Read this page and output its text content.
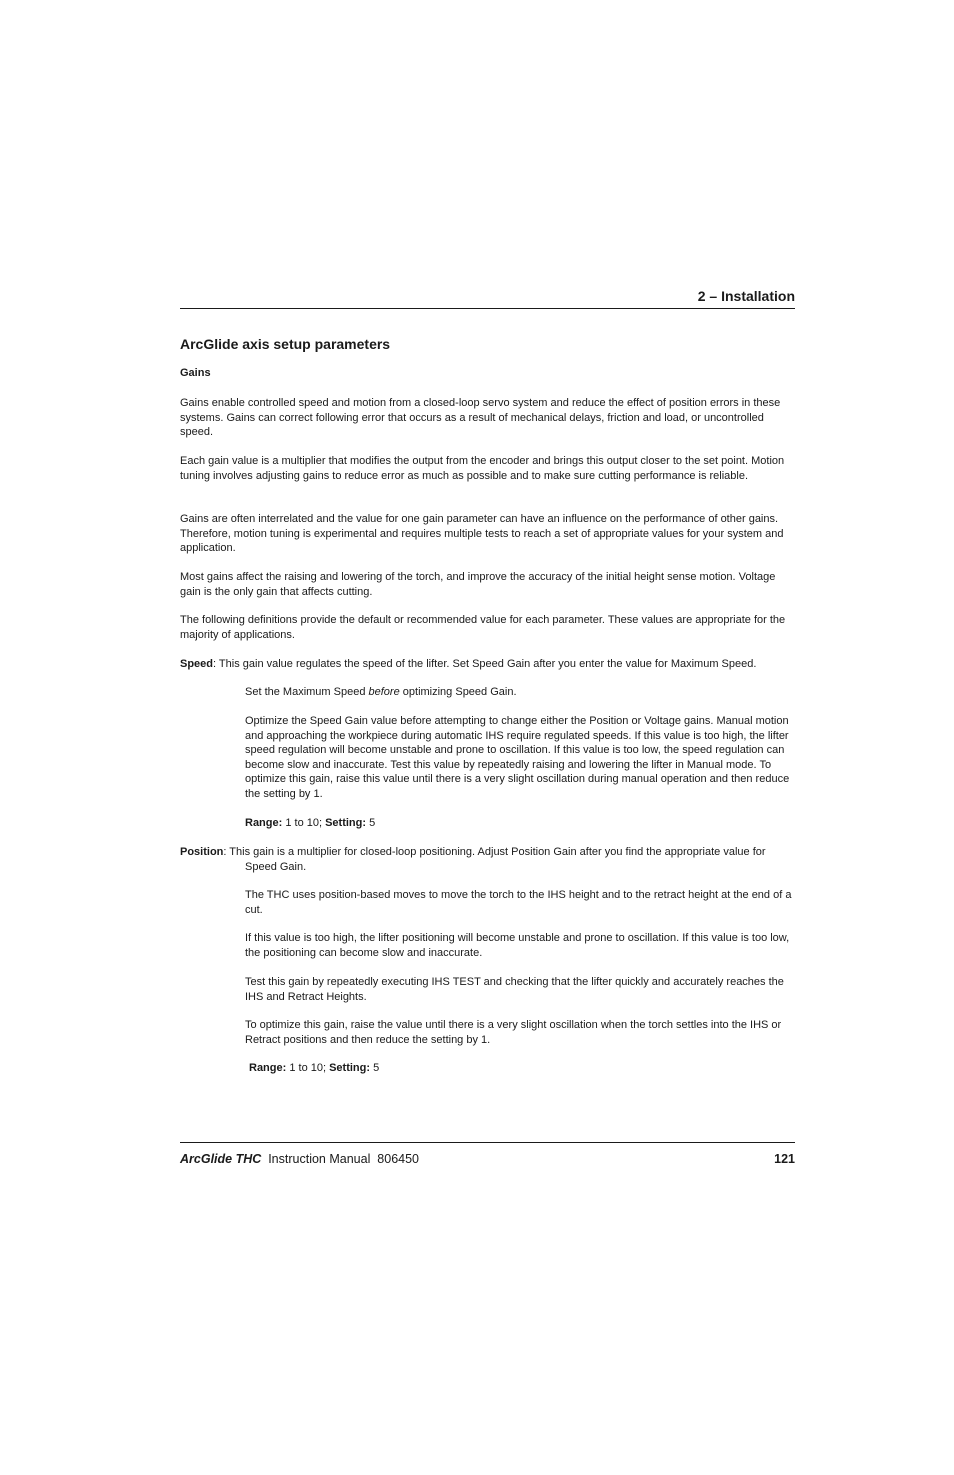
2 – Installation
ArcGlide axis setup parameters
Gains

Gains enable controlled speed and motion from a closed-loop servo system and reduce the effect of position errors in these systems. Gains can correct following error that occurs as a result of mechanical delays, friction and load, or uncontrolled speed.

Each gain value is a multiplier that modifies the output from the encoder and brings this output closer to the set point. Motion tuning involves adjusting gains to reduce error as much as possible and to make sure cutting performance is reliable.

Gains are often interrelated and the value for one gain parameter can have an influence on the performance of other gains. Therefore, motion tuning is experimental and requires multiple tests to reach a set of appropriate values for your system and application.

Most gains affect the raising and lowering of the torch, and improve the accuracy of the initial height sense motion. Voltage gain is the only gain that affects cutting.

The following definitions provide the default or recommended value for each parameter. These values are appropriate for the majority of applications.

Speed: This gain value regulates the speed of the lifter. Set Speed Gain after you enter the value for Maximum Speed.

Set the Maximum Speed before optimizing Speed Gain.

Optimize the Speed Gain value before attempting to change either the Position or Voltage gains. Manual motion and approaching the workpiece during automatic IHS require regulated speeds. If this value is too high, the lifter speed regulation will become unstable and prone to oscillation. If this value is too low, the speed regulation can become slow and inaccurate. Test this value by repeatedly raising and lowering the lifter in Manual mode. To optimize this gain, raise this value until there is a very slight oscillation during manual operation and then reduce the setting by 1.

Range: 1 to 10; Setting: 5

Position: This gain is a multiplier for closed-loop positioning. Adjust Position Gain after you find the appropriate value for Speed Gain.

The THC uses position-based moves to move the torch to the IHS height and to the retract height at the end of a cut.

If this value is too high, the lifter positioning will become unstable and prone to oscillation. If this value is too low, the positioning can become slow and inaccurate.

Test this gain by repeatedly executing IHS TEST and checking that the lifter quickly and accurately reaches the IHS and Retract Heights.

To optimize this gain, raise the value until there is a very slight oscillation when the torch settles into the IHS or Retract positions and then reduce the setting by 1.

Range: 1 to 10; Setting: 5

ArcGlide THC  Instruction Manual  806450	121
